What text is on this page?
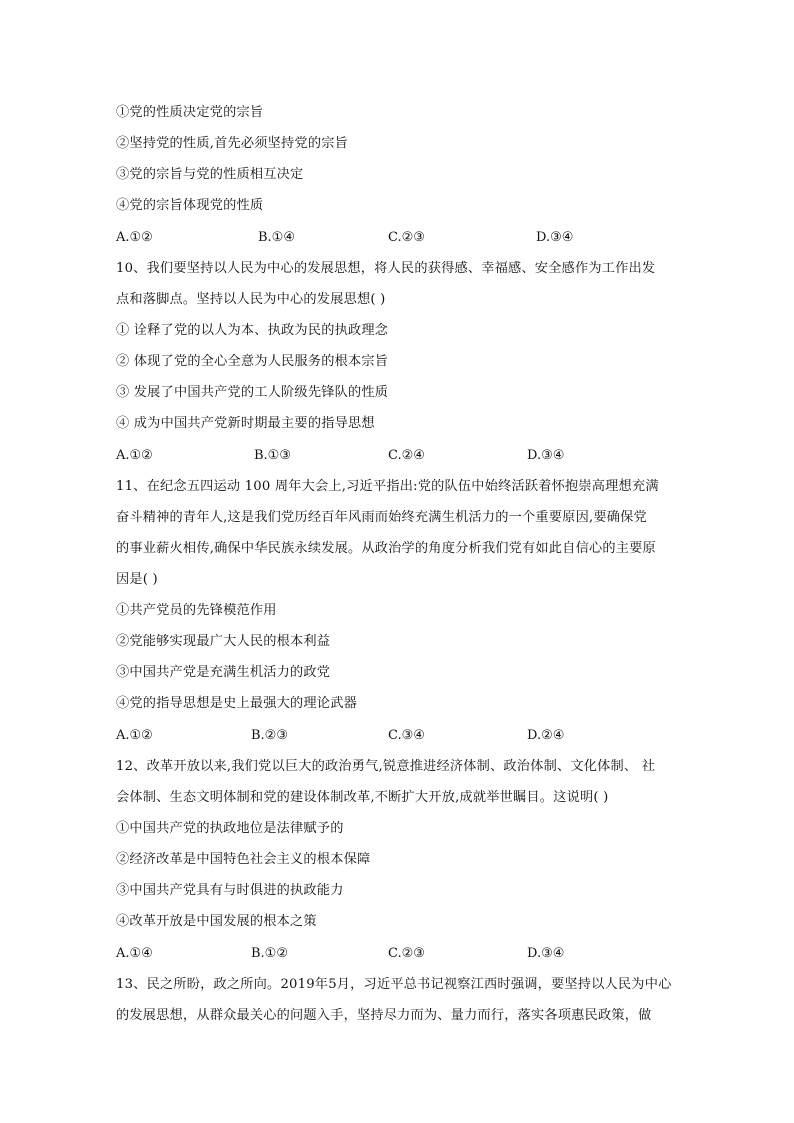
①党的性质决定党的宗旨
②坚持党的性质,首先必须坚持党的宗旨
③党的宗旨与党的性质相互决定
④党的宗旨体现党的性质
A.①②	B.①④	C.②③	D.③④
10、我们要坚持以人民为中心的发展思想，将人民的获得感、幸福感、安全感作为工作出发
点和落脚点。坚持以人民为中心的发展思想( )
① 诠释了党的以人为本、执政为民的执政理念
② 体现了党的全心全意为人民服务的根本宗旨
③ 发展了中国共产党的工人阶级先锋队的性质
④ 成为中国共产党新时期最主要的指导思想
A.①②	B.①③	C.②④	D.③④
11、在纪念五四运动 100 周年大会上,习近平指出:党的队伍中始终活跃着怀抱崇高理想充满
奋斗精神的青年人,这是我们党历经百年风雨而始终充满生机活力的一个重要原因,要确保党
的事业薪火相传,确保中华民族永续发展。从政治学的角度分析我们党有如此自信心的主要原
因是( )
①共产党员的先锋模范作用
②党能够实现最广大人民的根本利益
③中国共产党是充满生机活力的政党
④党的指导思想是史上最强大的理论武器
A.①②	B.②③	C.③④	D.②④
12、改革开放以来,我们党以巨大的政治勇气,锐意推进经济体制、政治体制、文化体制、 社
会体制、生态文明体制和党的建设体制改革,不断扩大开放,成就举世瞩目。这说明( )
①中国共产党的执政地位是法律赋予的
②经济改革是中国特色社会主义的根本保障
③中国共产党具有与时俱进的执政能力
④改革开放是中国发展的根本之策
A.①④	B.①②	C.②③	D.③④
13、民之所盼，政之所向。2019年5月，习近平总书记视察江西时强调，要坚持以人民为中心
的发展思想，从群众最关心的问题入手，坚持尽力而为、量力而行，落实各项惠民政策，做
